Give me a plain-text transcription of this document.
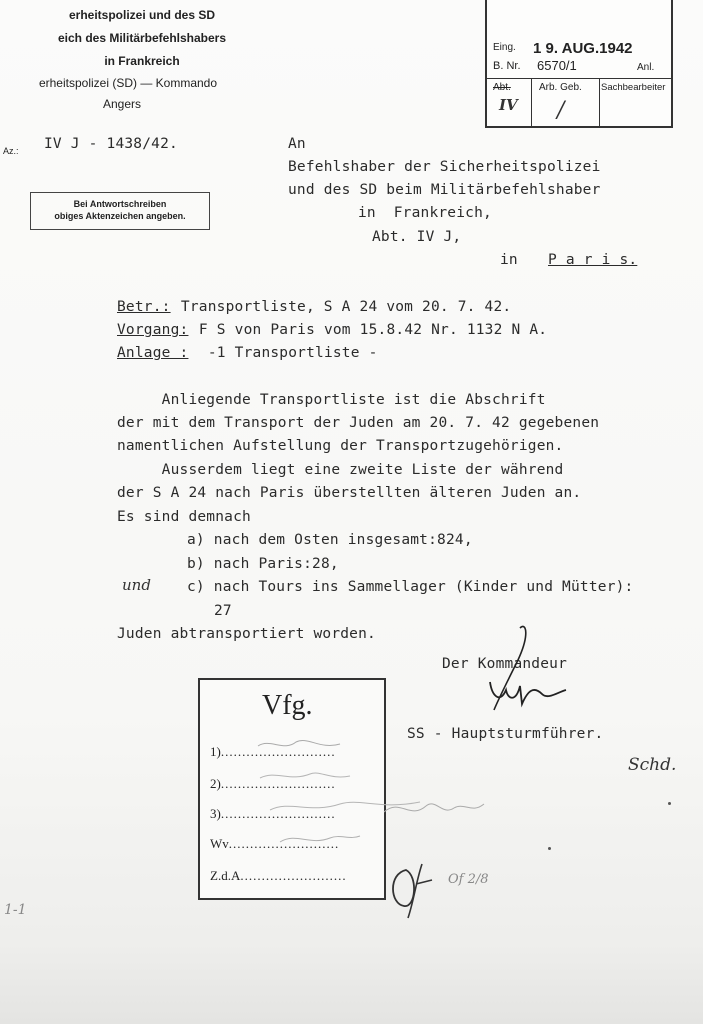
erheitspolizei und des SD
eich des Militärbefehlshabers
in Frankreich
erheitspolizei (SD) — Kommando
Angers
Eing. 1 9. AUG.1942
B. Nr. 6570/1	Anl.
Abt.
IV
Arb. Geb.
/
Sachbearbeiter
Az.: IV J - 1438/42.
Bei Antwortschreiben
obiges Aktenzeichen angeben.
An
Befehlshaber der Sicherheitspolizei
und des SD beim Militärbefehlshaber
in  Frankreich,
Abt. IV J,
in P a r i s.
Betr.: Transportliste, S A 24 vom 20. 7. 42.
Vorgang: F S von Paris vom 15.8.42 Nr. 1132 N A.
Anlage : -1 Transportliste -
Anliegende Transportliste ist die Abschrift
der mit dem Transport der Juden am 20. 7. 42 gegebenen
namentlichen Aufstellung der Transportzugehörigen.
Ausserdem liegt eine zweite Liste der während
der S A 24 nach Paris überstellten älteren Juden an.
Es sind demnach
a) nach dem Osten insgesamt:824,
b) nach Paris:28,
und c) nach Tours ins Sammellager (Kinder und Mütter):
27
Juden abtransportiert worden.
Der Kommandeur
SS - Hauptsturmführer.
Schd.
Vfg.
1)...........................
2)...........................
3)...........................
Wv..........................
Z.d.A.........................	Of 2/8
1-1
